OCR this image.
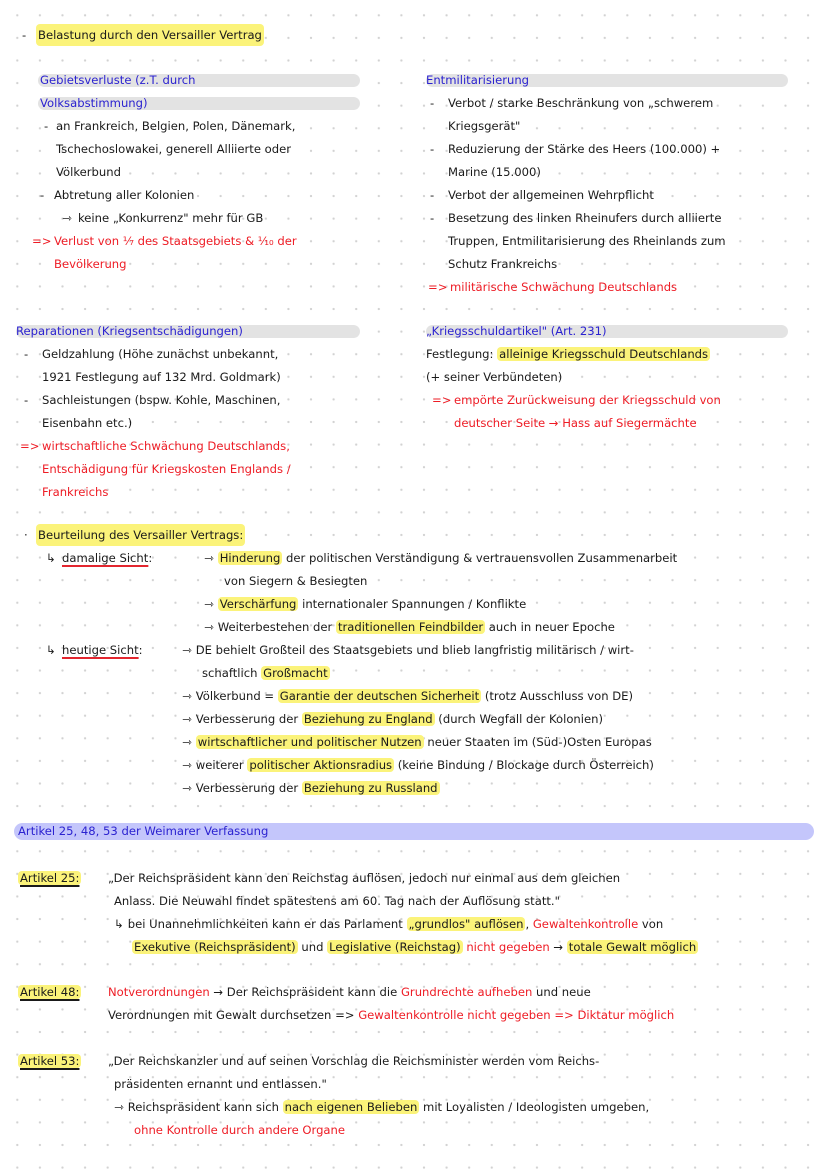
- Belastung durch den Versailler Vertrag
Gebietsverluste (z.T. durch
Volksabstimmung)
- an Frankreich, Belgien, Polen, Dänemark,
Tschechoslowakei, generell Alliierte oder
Völkerbund
- Abtretung aller Kolonien
⇾ keine „Konkurrenz" mehr für GB
=> Verlust von ⅐ des Staatsgebiets & ⅒ der
Bevölkerung
Entmilitarisierung
- Verbot / starke Beschränkung von „schwerem
Kriegsgerät"
- Reduzierung der Stärke des Heers (100.000) +
Marine (15.000)
- Verbot der allgemeinen Wehrpflicht
- Besetzung des linken Rheinufers durch alliierte
Truppen, Entmilitarisierung des Rheinlands zum
Schutz Frankreichs
=> militärische Schwächung Deutschlands
Reparationen (Kriegsentschädigungen)
- Geldzahlung (Höhe zunächst unbekannt,
1921 Festlegung auf 132 Mrd. Goldmark)
- Sachleistungen (bspw. Kohle, Maschinen,
Eisenbahn etc.)
=> wirtschaftliche Schwächung Deutschlands,
Entschädigung für Kriegskosten Englands /
Frankreichs
„Kriegsschuldartikel" (Art. 231)
Festlegung: alleinige Kriegsschuld Deutschlands
(+ seiner Verbündeten)
=> empörte Zurückweisung der Kriegsschuld von
deutscher Seite → Hass auf Siegermächte
· Beurteilung des Versailler Vertrags:
↳ damalige Sicht:	⇾ Hinderung der politischen Verständigung & vertrauensvollen Zusammenarbeit
von Siegern & Besiegten
⇾ Verschärfung internationaler Spannungen / Konflikte
⇾ Weiterbestehen der traditionellen Feindbilder auch in neuer Epoche
↳ heutige Sicht:	⇾ DE behielt Großteil des Staatsgebiets und blieb langfristig militärisch / wirt-
schaftlich Großmacht
⇾ Völkerbund = Garantie der deutschen Sicherheit (trotz Ausschluss von DE)
⇾ Verbesserung der Beziehung zu England (durch Wegfall der Kolonien)
⇾ wirtschaftlicher und politischer Nutzen neuer Staaten im (Süd-)Osten Europas
⇾ weiterer politischer Aktionsradius (keine Bindung / Blockage durch Österreich)
⇾ Verbesserung der Beziehung zu Russland
Artikel 25, 48, 53 der Weimarer Verfassung
Artikel 25: „Der Reichspräsident kann den Reichstag auflösen, jedoch nur einmal aus dem gleichen
Anlass. Die Neuwahl findet spätestens am 60. Tag nach der Auflösung statt."
↳ bei Unannehmlichkeiten kann er das Parlament „grundlos" auflösen , Gewaltenkontrolle von
Exekutive (Reichspräsident) und Legislative (Reichstag) nicht gegeben → totale Gewalt möglich
Artikel 48: Notverordnungen → Der Reichspräsident kann die Grundrechte aufheben und neue
Verordnungen mit Gewalt durchsetzen => Gewaltenkontrolle nicht gegeben => Diktatur möglich
Artikel 53: „Der Reichskanzler und auf seinen Vorschlag die Reichsminister werden vom Reichs-
präsidenten ernannt und entlassen."
⇾ Reichspräsident kann sich nach eigenen Belieben mit Loyalisten / Ideologisten umgeben,
ohne Kontrolle durch andere Organe
